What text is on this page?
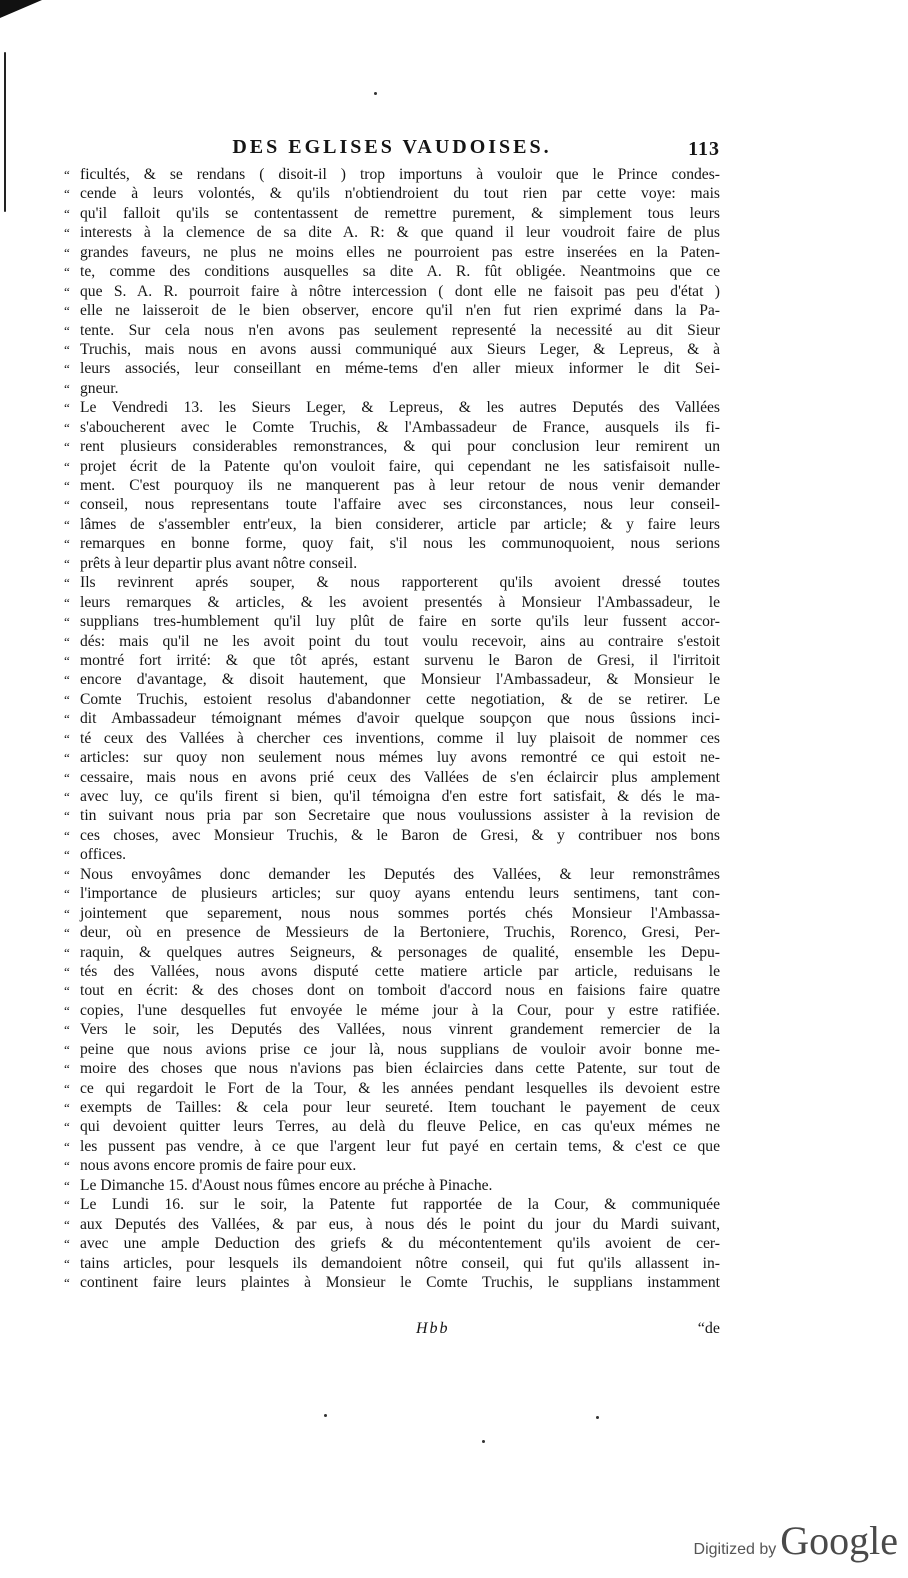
DES EGLISES VAUDOISES.	113
“ ficultés, & se rendans ( disoit-il ) trop importuns à vouloir que le Prince condes-
“ cende à leurs volontés, & qu'ils n'obtiendroient du tout rien par cette voye: mais
“ qu'il falloit qu'ils se contentassent de remettre purement, & simplement tous leurs
“ interests à la clemence de sa dite A. R: & que quand il leur voudroit faire de plus
“ grandes faveurs, ne plus ne moins elles ne pourroient pas estre inserées en la Paten-
“ te, comme des conditions ausquelles sa dite A. R. fût obligée. Neantmoins que ce
“ que S. A. R. pourroit faire à nôtre intercession ( dont elle ne faisoit pas peu d'état )
“ elle ne laisseroit de le bien observer, encore qu'il n'en fut rien exprimé dans la Pa-
“ tente. Sur cela nous n'en avons pas seulement representé la necessité au dit Sieur
“ Truchis, mais nous en avons aussi communiqué aux Sieurs Leger, & Lepreus, & à
“ leurs associés, leur conseillant en méme-tems d'en aller mieux informer le dit Sei-
“ gneur.
“ Le Vendredi 13. les Sieurs Leger, & Lepreus, & les autres Deputés des Vallées
“ s'aboucherent avec le Comte Truchis, & l'Ambassadeur de France, ausquels ils fi-
“ rent plusieurs considerables remonstrances, & qui pour conclusion leur remirent un
“ projet écrit de la Patente qu'on vouloit faire, qui cependant ne les satisfaisoit nulle-
“ ment. C'est pourquoy ils ne manquerent pas à leur retour de nous venir demander
“ conseil, nous representans toute l'affaire avec ses circonstances, nous leur conseil-
“ lâmes de s'assembler entr'eux, la bien considerer, article par article; & y faire leurs
“ remarques en bonne forme, quoy fait, s'il nous les communoquoient, nous serions
“ prêts à leur departir plus avant nôtre conseil.
“ Ils revinrent aprés souper, & nous rapporterent qu'ils avoient dressé toutes
“ leurs remarques & articles, & les avoient presentés à Monsieur l'Ambassadeur, le
“ supplians tres-humblement qu'il luy plût de faire en sorte qu'ils leur fussent accor-
“ dés: mais qu'il ne les avoit point du tout voulu recevoir, ains au contraire s'estoit
“ montré fort irrité: & que tôt aprés, estant survenu le Baron de Gresi, il l'irritoit
“ encore d'avantage, & disoit hautement, que Monsieur l'Ambassadeur, & Monsieur le
“ Comte Truchis, estoient resolus d'abandonner cette negotiation, & de se retirer. Le
“ dit Ambassadeur témoignant mémes d'avoir quelque soupçon que nous ûssions inci-
“ té ceux des Vallées à chercher ces inventions, comme il luy plaisoit de nommer ces
“ articles: sur quoy non seulement nous mémes luy avons remontré ce qui estoit ne-
“ cessaire, mais nous en avons prié ceux des Vallées de s'en éclaircir plus amplement
“ avec luy, ce qu'ils firent si bien, qu'il témoigna d'en estre fort satisfait, & dés le ma-
“ tin suivant nous pria par son Secretaire que nous voulussions assister à la revision de
“ ces choses, avec Monsieur Truchis, & le Baron de Gresi, & y contribuer nos bons
“ offices.
“ Nous envoyâmes donc demander les Deputés des Vallées, & leur remonstrâmes
“ l'importance de plusieurs articles; sur quoy ayans entendu leurs sentimens, tant con-
“ jointement que separement, nous nous sommes portés chés Monsieur l'Ambassa-
“ deur, où en presence de Messieurs de la Bertoniere, Truchis, Rorenco, Gresi, Per-
“ raquin, & quelques autres Seigneurs, & personages de qualité, ensemble les Depu-
“ tés des Vallées, nous avons disputé cette matiere article par article, reduisans le
“ tout en écrit: & des choses dont on tomboit d'accord nous en faisions faire quatre
“ copies, l'une desquelles fut envoyée le méme jour à la Cour, pour y estre ratifiée.
“ Vers le soir, les Deputés des Vallées, nous vinrent grandement remercier de la
“ peine que nous avions prise ce jour là, nous supplians de vouloir avoir bonne me-
“ moire des choses que nous n'avions pas bien éclaircies dans cette Patente, sur tout de
“ ce qui regardoit le Fort de la Tour, & les années pendant lesquelles ils devoient estre
“ exempts de Tailles: & cela pour leur seureté. Item touchant le payement de ceux
“ qui devoient quitter leurs Terres, au delà du fleuve Pelice, en cas qu'eux mémes ne
“ les pussent pas vendre, à ce que l'argent leur fut payé en certain tems, & c'est ce que
“ nous avons encore promis de faire pour eux.
“ Le Dimanche 15. d'Aoust nous fûmes encore au préche à Pinache.
“ Le Lundi 16. sur le soir, la Patente fut rapportée de la Cour, & communiquée
“ aux Deputés des Vallées, & par eus, à nous dés le point du jour du Mardi suivant,
“ avec une ample Deduction des griefs & du mécontentement qu'ils avoient de cer-
“ tains articles, pour lesquels ils demandoient nôtre conseil, qui fut qu'ils allassent in-
“ continent faire leurs plaintes à Monsieur le Comte Truchis, le supplians instamment
Hbb	“de
Digitized by Google
